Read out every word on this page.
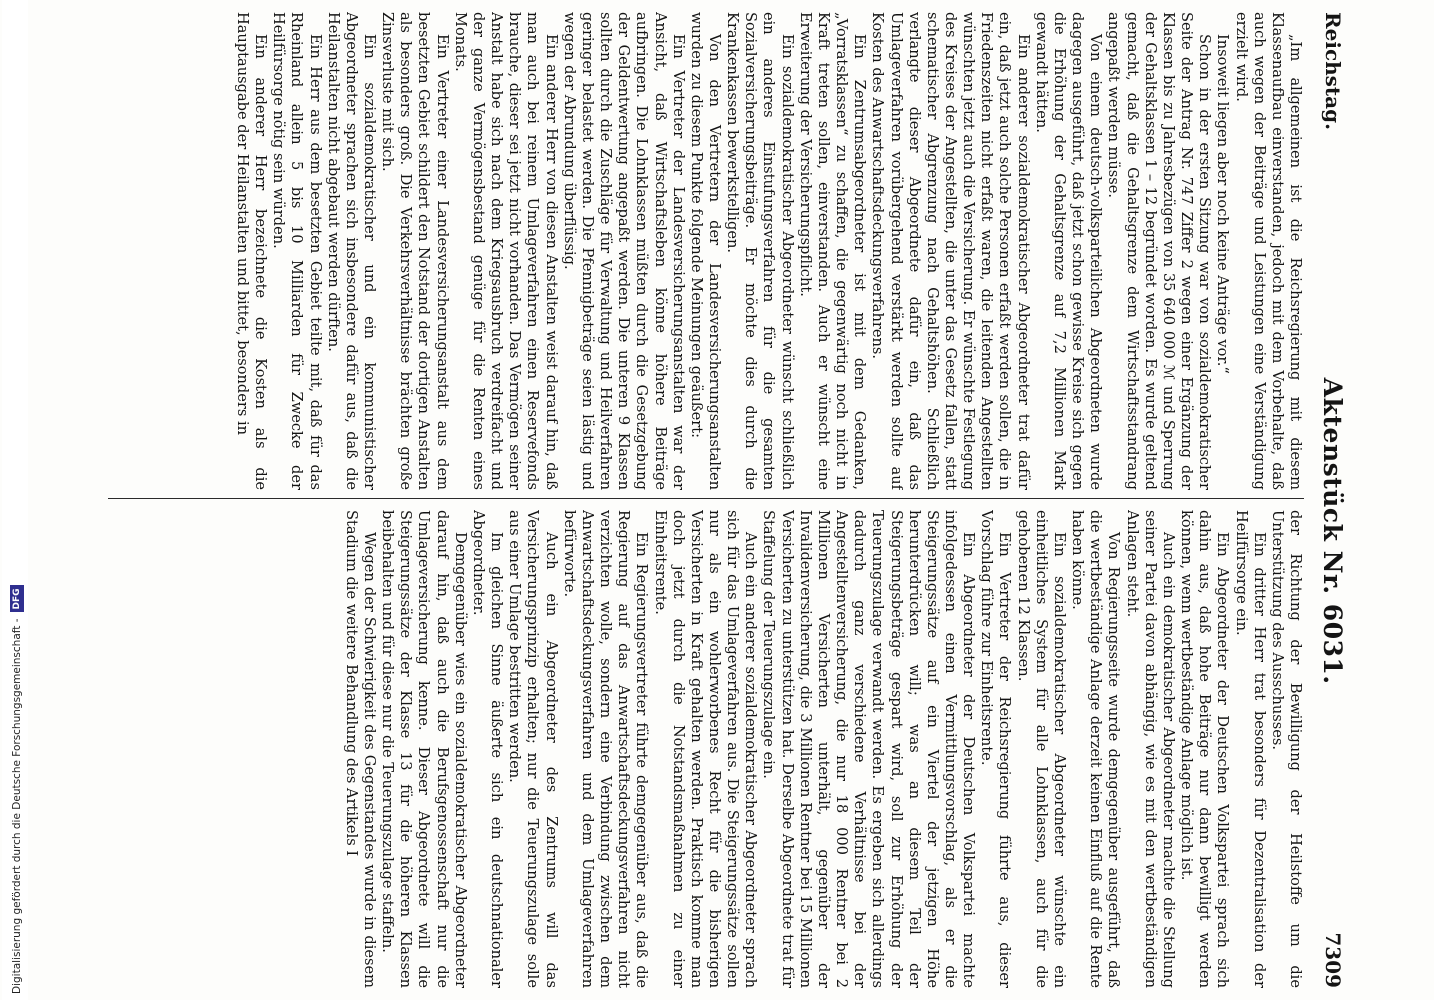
Reichstag.
Aktenstück Nr. 6031.
7309

„Im allgemeinen ist die Reichsregierung mit diesem Klassenaufbau einverstanden, jedoch mit dem Vorbehalte, daß auch wegen der Beiträge und Leistungen eine Verständigung erzielt wird.

Insoweit liegen aber noch keine Anträge vor.“

Schon in der ersten Sitzung war von sozialdemokratischer Seite der Antrag Nr. 747 Ziffer 2 wegen einer Ergänzung der Klassen bis zu Jahresbezügen von 35 640 000 ℳ und Sperrung der Gehaltsklassen 1 – 12 begründet worden. Es wurde geltend gemacht, daß die Gehaltsgrenze dem Wirtschaftsstandrang angepaßt werden müsse.

Von einem deutsch-volksparteilichen Abgeordneten wurde dagegen ausgeführt, daß jetzt schon gewisse Kreise sich gegen die Erhöhung der Gehaltsgrenze auf 7,2 Millionen Mark gewandt hätten.

Ein anderer sozialdemokratischer Abgeordneter trat dafür ein, daß jetzt auch solche Personen erfaßt werden sollen, die in Friedenszeiten nicht erfaßt waren, die leitenden Angestellten wünschten jetzt auch die Versicherung. Er wünschte Festlegung des Kreises der Angestellten, die unter das Gesetz fallen, statt schematischer Abgrenzung nach Gehaltshöhen. Schließlich verlangte dieser Abgeordnete dafür ein, daß das Umlageverfahren vorübergehend verstärkt werden sollte auf Kosten des Anwartschaftsdeckungsverfahrens.

Ein Zentrumsabgeordneter ist mit dem Gedanken, „Vorratsklassen“ zu schaffen, die gegenwärtig noch nicht in Kraft treten sollen, einverstanden. Auch er wünscht eine Erweiterung der Versicherungspflicht.

Ein sozialdemokratischer Abgeordneter wünscht schließlich ein anderes Einstufungsverfahren für die gesamten Sozialversicherungsbeiträge. Er möchte dies durch die Krankenkassen bewerkstelligen.

Von den Vertretern der Landesversicherungsanstalten wurden zu diesem Punkte folgende Meinungen geäußert:

Ein Vertreter der Landesversicherungsanstalten war der Ansicht, daß Wirtschaftsleben könne höhere Beiträge aufbringen. Die Lohnklassen müßten durch die Gesetzgebung der Geldentwertung angepaßt werden. Die unteren 9 Klassen sollten durch die Zuschläge für Verwaltung und Heilverfahren geringer belastet werden. Die Pfennigbeträge seien lästig und wegen der Abrundung überflüssig.

Ein anderer Herr von diesen Anstalten weist darauf hin, daß man auch bei reinem Umlageverfahren einen Reservefonds brauche, dieser sei jetzt nicht vorhanden. Das Vermögen seiner Anstalt habe sich nach dem Kriegsausbruch verdreifacht und der ganze Vermögensbestand genüge für die Renten eines Monats.

Ein Vertreter einer Landesversicherungsanstalt aus dem besetzten Gebiet schildert den Notstand der dortigen Anstalten als besonders groß. Die Verkehrsverhältnisse brächten große Zinsverluste mit sich.

Ein sozialdemokratischer und ein kommunistischer Abgeordneter sprachen sich insbesondere dafür aus, daß die Heilanstalten nicht abgebaut werden dürften.

Ein Herr aus dem besetzten Gebiet teilte mit, daß für das Rheinland allein 5 bis 10 Milliarden für Zwecke der Heilfürsorge nötig sein würden.

Ein anderer Herr bezeichnete die Kosten als die Hauptausgabe der Heilanstalten und bittet, besonders in

der Richtung der Bewilligung der Heilstoffe um die Unterstützung des Ausschusses.

Ein dritter Herr trat besonders für Dezentralisation der Heilfürsorge ein.

Ein Abgeordneter der Deutschen Volkspartei sprach sich dahin aus, daß hohe Beiträge nur dann bewilligt werden können, wenn wertbeständige Anlage möglich ist.

Auch ein demokratischer Abgeordneter machte die Stellung seiner Partei davon abhängig, wie es mit den wertbeständigen Anlagen steht.

Von Regierungsseite wurde demgegenüber ausgeführt, daß die wertbeständige Anlage derzeit keinen Einfluß auf die Rente haben könne.

Ein sozialdemokratischer Abgeordneter wünschte ein einheitliches System für alle Lohnklassen, auch für die gehobenen 12 Klassen.

Ein Vertreter der Reichsregierung führte aus, dieser Vorschlag führe zur Einheitsrente.

Ein Abgeordneter der Deutschen Volkspartei machte infolgedessen einen Vermittlungsvorschlag, als er die Steigerungssätze auf ein Viertel der jetzigen Höhe herunterdrücken will; was an diesem Teil der Steigerungsbeträge gespart wird, soll zur Erhöhung der Teuerungszulage verwandt werden. Es ergeben sich allerdings dadurch ganz verschiedene Verhältnisse bei der Angestelltenversicherung, die nur 18 000 Rentner bei 2 Millionen Versicherten unterhält, gegenüber der Invalidenversicherung, die 3 Millionen Rentner bei 15 Millionen Versicherten zu unterstützen hat. Derselbe Abgeordnete trat für Staffelung der Teuerungszulage ein.

Auch ein anderer sozialdemokratischer Abgeordneter sprach sich für das Umlageverfahren aus. Die Steigerungssätze sollen nur als ein wohlerworbenes Recht für die bisherigen Versicherten in Kraft gehalten werden. Praktisch komme man doch jetzt durch die Notstandsmaßnahmen zu einer Einheitsrente.

Ein Regierungsvertreter führte demgegenüber aus, daß die Regierung auf das Anwartschaftsdeckungsverfahren nicht verzichten wolle, sondern eine Verbindung zwischen dem Anwartschaftsdeckungsverfahren und dem Umlageverfahren befürworte.

Auch ein Abgeordneter des Zentrums will das Versicherungsprinzip erhalten; nur die Teuerungszulage solle aus einer Umlage bestritten werden.

Im gleichen Sinne äußerte sich ein deutschnationaler Abgeordneter.

Demgegenüber wies ein sozialdemokratischer Abgeordneter darauf hin, daß auch die Berufsgenossenschaft nur die Umlageversicherung kenne. Dieser Abgeordnete will die Steigerungssätze der Klasse 13 für die höheren Klassen beibehalten und für diese nur die Teuerungszulage staffeln.

Wegen der Schwierigkeit des Gegenstandes wurde in diesem Stadium die weitere Behandlung des Artikels I

Digitalisierung gefördert durch die Deutsche Forschungsgemeinschaft -
DFG
